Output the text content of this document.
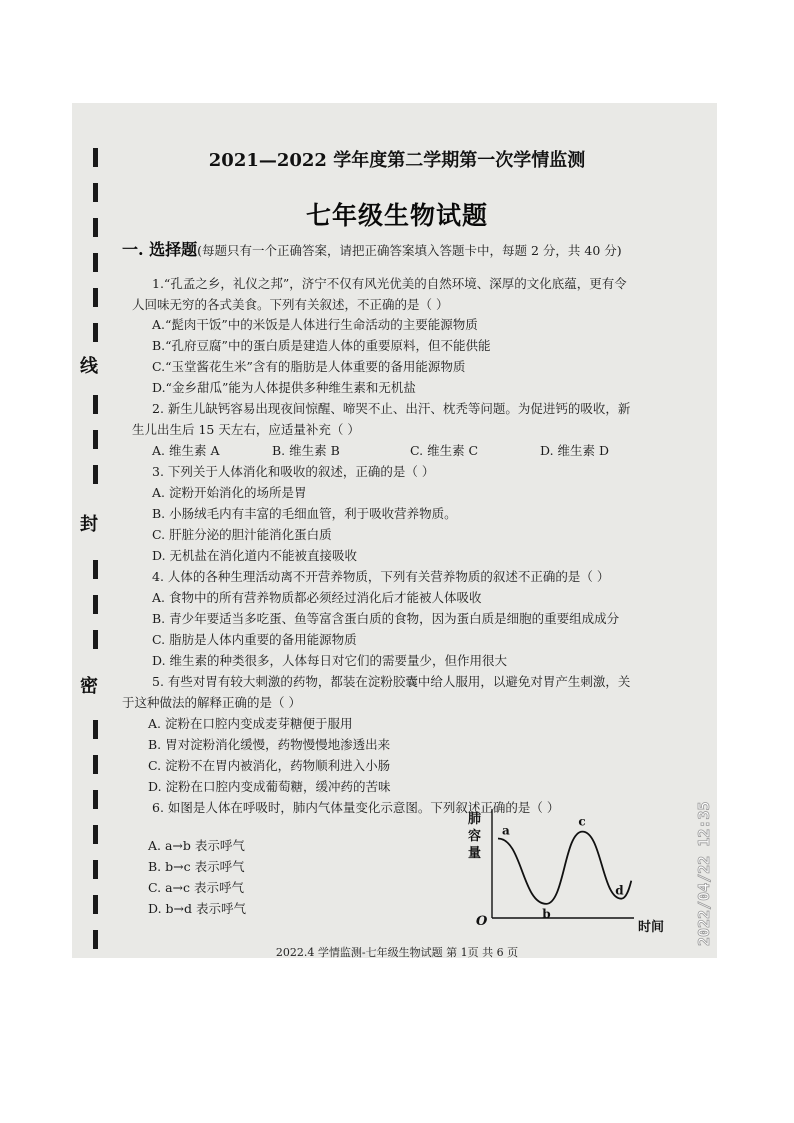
线
封
密
2021—2022 学年度第二学期第一次学情监测
七年级生物试题
一. 选择题(每题只有一个正确答案，请把正确答案填入答题卡中，每题 2 分，共 40 分)
1.“孔孟之乡，礼仪之邦”，济宁不仅有风光优美的自然环境、深厚的文化底蕴，更有令
人回味无穷的各式美食。下列有关叙述，不正确的是（ ）
A.“髭肉干饭”中的米饭是人体进行生命活动的主要能源物质
B.“孔府豆腐”中的蛋白质是建造人体的重要原料，但不能供能
C.“玉堂酱花生米”含有的脂肪是人体重要的备用能源物质
D.“金乡甜瓜”能为人体提供多种维生素和无机盐
2. 新生儿缺钙容易出现夜间惊醒、啼哭不止、出汗、枕秃等问题。为促进钙的吸收，新
生儿出生后 15 天左右，应适量补充（ ）
A. 维生素 A	B. 维生素 B	C. 维生素 C	D. 维生素 D
3. 下列关于人体消化和吸收的叙述，正确的是（ ）
A. 淀粉开始消化的场所是胃
B. 小肠绒毛内有丰富的毛细血管，利于吸收营养物质。
C. 肝脏分泌的胆汁能消化蛋白质
D. 无机盐在消化道内不能被直接吸收
4. 人体的各种生理活动离不开营养物质，下列有关营养物质的叙述不正确的是（ ）
A. 食物中的所有营养物质都必须经过消化后才能被人体吸收
B. 青少年要适当多吃蛋、鱼等富含蛋白质的食物，因为蛋白质是细胞的重要组成成分
C. 脂肪是人体内重要的备用能源物质
D. 维生素的种类很多，人体每日对它们的需要量少，但作用很大
5. 有些对胃有较大刺激的药物，都装在淀粉胶囊中给人服用，以避免对胃产生刺激，关
于这种做法的解释正确的是（ ）
A. 淀粉在口腔内变成麦芽糖便于服用
B. 胃对淀粉消化缓慢，药物慢慢地渗透出来
C. 淀粉不在胃内被消化，药物顺利进入小肠
D. 淀粉在口腔内变成葡萄糖，缓冲药的苦味
6. 如图是人体在呼吸时，肺内气体量变化示意图。下列叙述正确的是（ ）
A. a→b 表示呼气
B. b→c 表示呼气
C. a→c 表示呼气
D. b→d 表示呼气
肺
容
量
O	时间
a
b
c
d	2022/04/22 12:35
2022.4 学情监测-七年级生物试题 第 1页 共 6 页
